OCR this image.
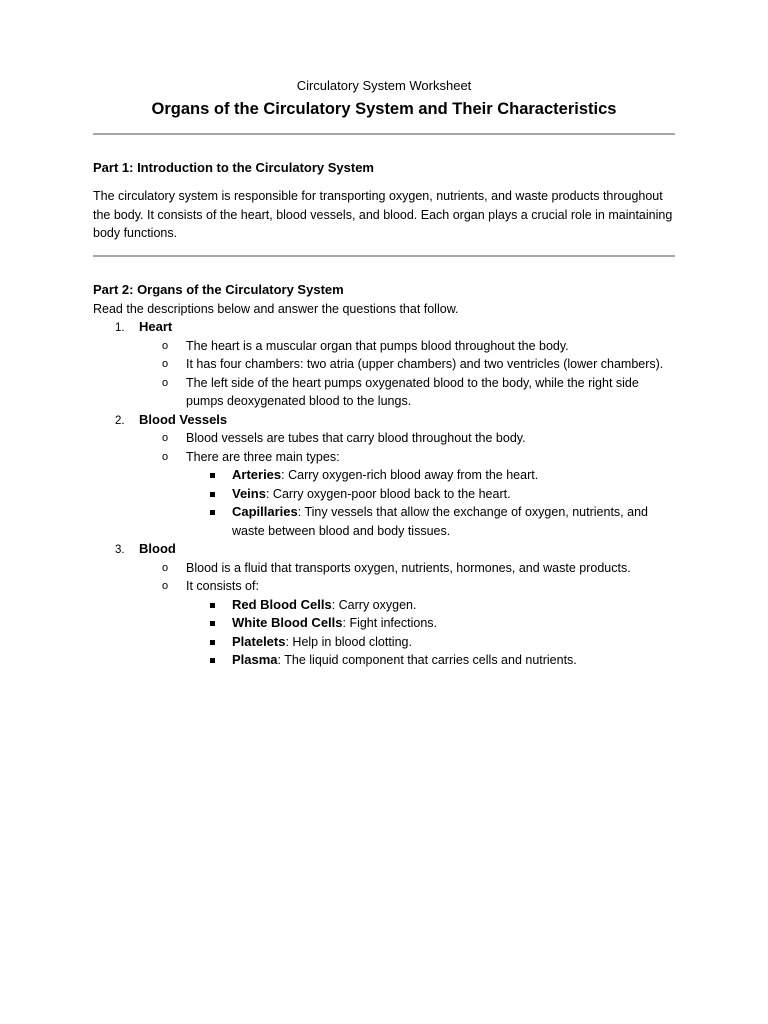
Circulatory System Worksheet

Organs of the Circulatory System and Their Characteristics

Part 1: Introduction to the Circulatory System

The circulatory system is responsible for transporting oxygen, nutrients, and waste products throughout the body. It consists of the heart, blood vessels, and blood. Each organ plays a crucial role in maintaining body functions.

Part 2: Organs of the Circulatory System

Read the descriptions below and answer the questions that follow.

1. Heart
o The heart is a muscular organ that pumps blood throughout the body.
o It has four chambers: two atria (upper chambers) and two ventricles (lower chambers).
o The left side of the heart pumps oxygenated blood to the body, while the right side pumps deoxygenated blood to the lungs.
2. Blood Vessels
o Blood vessels are tubes that carry blood throughout the body.
o There are three main types:
Arteries: Carry oxygen-rich blood away from the heart.
Veins: Carry oxygen-poor blood back to the heart.
Capillaries: Tiny vessels that allow the exchange of oxygen, nutrients, and waste between blood and body tissues.
3. Blood
o Blood is a fluid that transports oxygen, nutrients, hormones, and waste products.
o It consists of:
Red Blood Cells: Carry oxygen.
White Blood Cells: Fight infections.
Platelets: Help in blood clotting.
Plasma: The liquid component that carries cells and nutrients.
